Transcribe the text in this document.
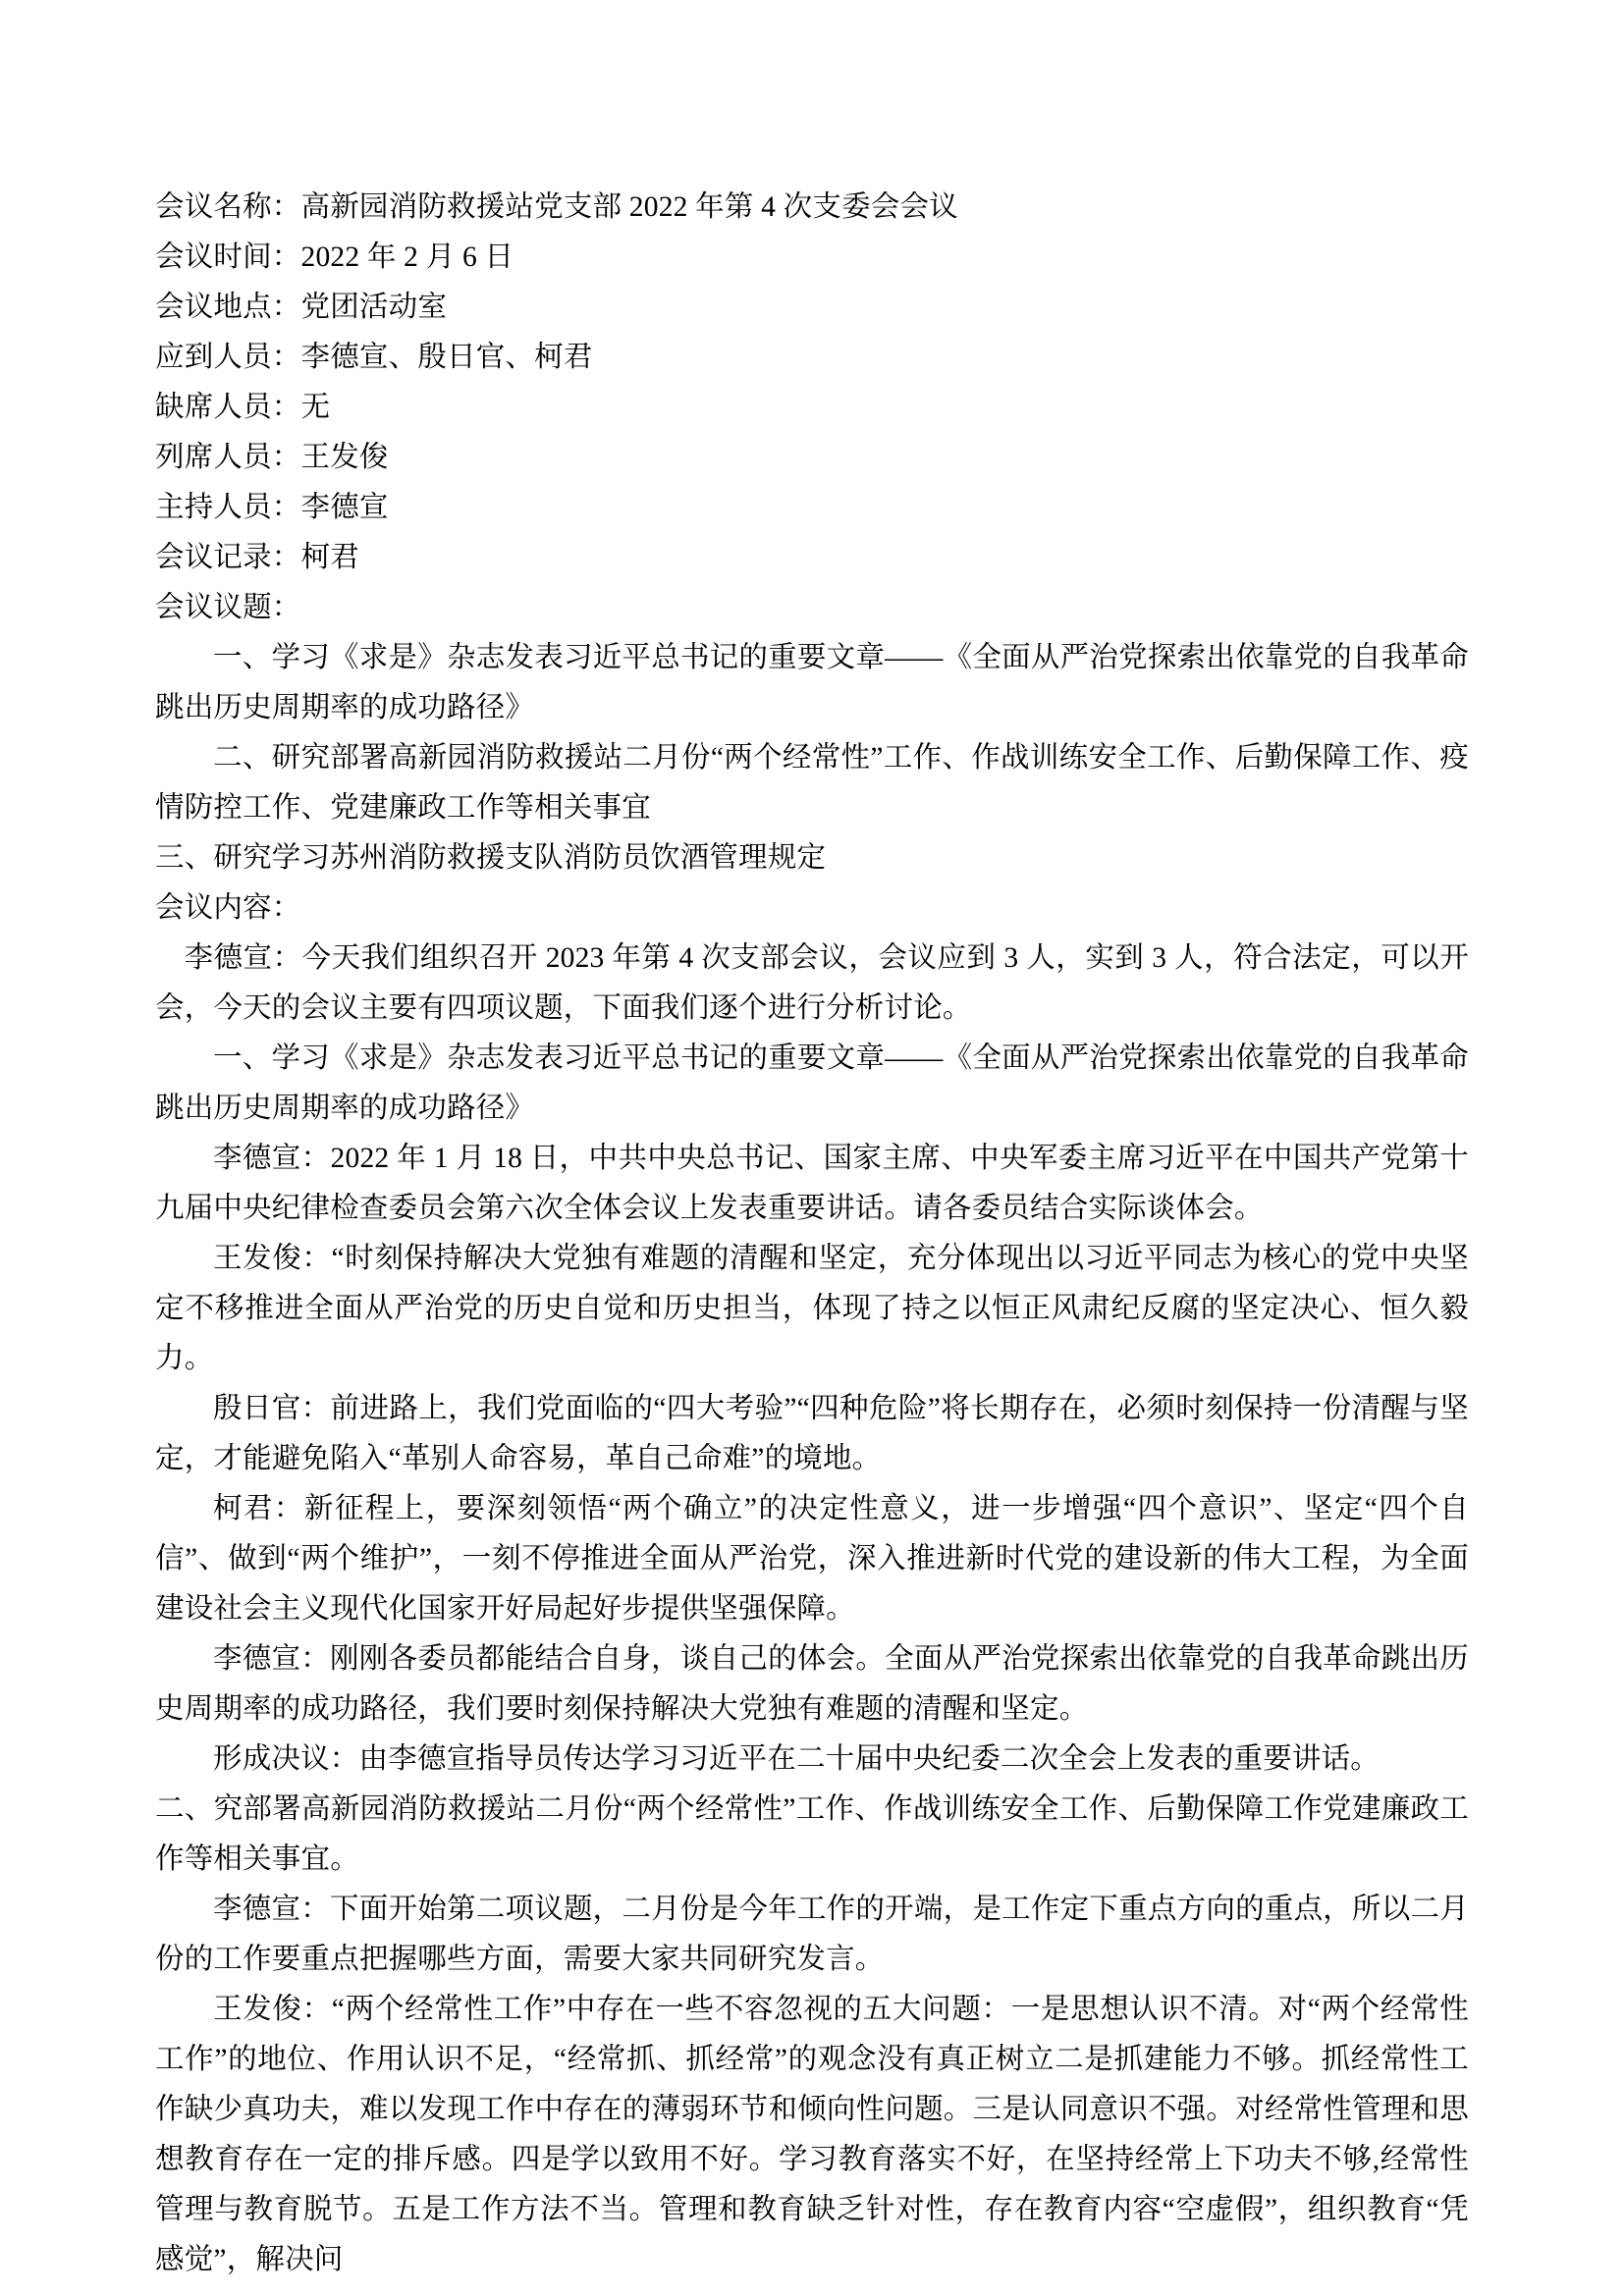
会议名称：高新园消防救援站党支部 2022 年第 4 次支委会会议
会议时间：2022 年 2 月 6 日
会议地点：党团活动室
应到人员：李德宣、殷日官、柯君
缺席人员：无
列席人员：王发俊
主持人员：李德宣
会议记录：柯君
会议议题：

一、学习《求是》杂志发表习近平总书记的重要文章——《全面从严治党探索出依靠党的自我革命跳出历史周期率的成功路径》

二、研究部署高新园消防救援站二月份“两个经常性”工作、作战训练安全工作、后勤保障工作、疫情防控工作、党建廉政工作等相关事宜

三、研究学习苏州消防救援支队消防员饮酒管理规定

会议内容：

李德宣：今天我们组织召开 2023 年第 4 次支部会议，会议应到 3 人，实到 3 人，符合法定，可以开会，今天的会议主要有四项议题，下面我们逐个进行分析讨论。

一、学习《求是》杂志发表习近平总书记的重要文章——《全面从严治党探索出依靠党的自我革命跳出历史周期率的成功路径》

李德宣：2022 年 1 月 18 日，中共中央总书记、国家主席、中央军委主席习近平在中国共产党第十九届中央纪律检查委员会第六次全体会议上发表重要讲话。请各委员结合实际谈体会。

王发俊：“时刻保持解决大党独有难题的清醒和坚定，充分体现出以习近平同志为核心的党中央坚定不移推进全面从严治党的历史自觉和历史担当，体现了持之以恒正风肃纪反腐的坚定决心、恒久毅力。

殷日官：前进路上，我们党面临的“四大考验”“四种危险”将长期存在，必须时刻保持一份清醒与坚定，才能避免陷入“革别人命容易，革自己命难”的境地。

柯君：新征程上，要深刻领悟“两个确立”的决定性意义，进一步增强“四个意识”、坚定“四个自信”、做到“两个维护”，一刻不停推进全面从严治党，深入推进新时代党的建设新的伟大工程，为全面建设社会主义现代化国家开好局起好步提供坚强保障。

李德宣：刚刚各委员都能结合自身，谈自己的体会。全面从严治党探索出依靠党的自我革命跳出历史周期率的成功路径，我们要时刻保持解决大党独有难题的清醒和坚定。

形成决议：由李德宣指导员传达学习习近平在二十届中央纪委二次全会上发表的重要讲话。

二、究部署高新园消防救援站二月份“两个经常性”工作、作战训练安全工作、后勤保障工作党建廉政工作等相关事宜。

李德宣：下面开始第二项议题，二月份是今年工作的开端，是工作定下重点方向的重点，所以二月份的工作要重点把握哪些方面，需要大家共同研究发言。

王发俊：“两个经常性工作”中存在一些不容忽视的五大问题：一是思想认识不清。对“两个经常性工作”的地位、作用认识不足，“经常抓、抓经常”的观念没有真正树立二是抓建能力不够。抓经常性工作缺少真功夫，难以发现工作中存在的薄弱环节和倾向性问题。三是认同意识不强。对经常性管理和思想教育存在一定的排斥感。四是学以致用不好。学习教育落实不好，在坚持经常上下功夫不够,经常性管理与教育脱节。五是工作方法不当。管理和教育缺乏针对性，存在教育内容“空虚假”，组织教育“凭感觉”，解决问
